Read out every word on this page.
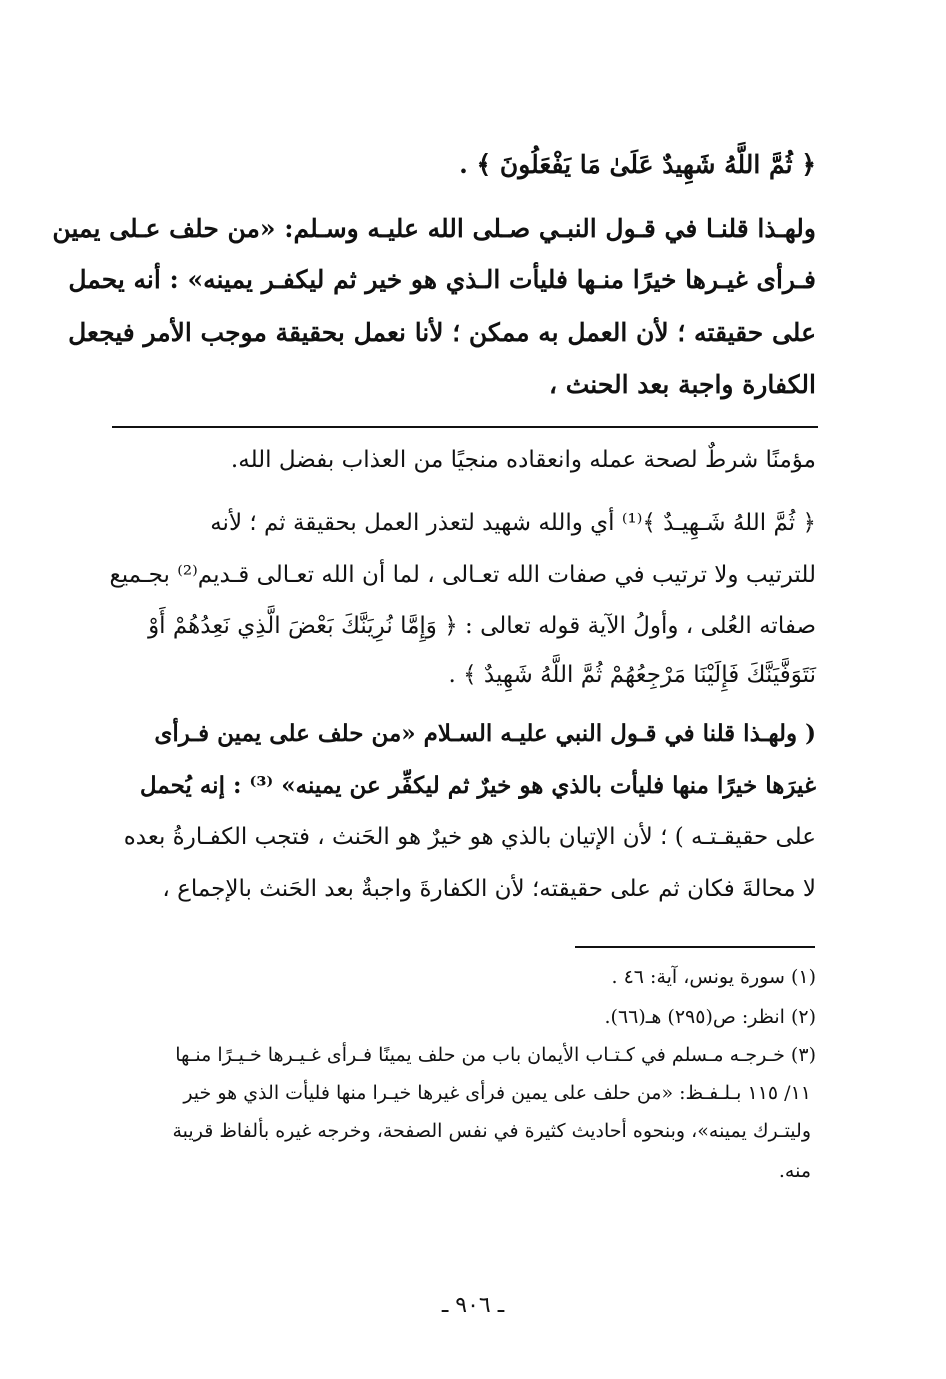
﴿ ثُمَّ اللَّهُ شَهِيدٌ عَلَىٰ مَا يَفْعَلُونَ ﴾ .
ولهـذا قلنـا في قـول النبـي صـلى الله عليـه وسـلم: «من حلف عـلى يمين
فـرأى غيـرها خيرًا منـها فليأت الـذي هو خير ثم ليكفـر يمينه» : أنه يحمل
على حقيقته ؛ لأن العمل به ممكن ؛ لأنا نعمل بحقيقة موجب الأمر فيجعل
الكفارة واجبة بعد الحنث ،
مؤمنًا شرطٌ لصحة عمله وانعقاده منجيًا من العذاب بفضل الله.
﴿ ثُمَّ اللهُ شَـهِيـدٌ ﴾⁽¹⁾ أي والله شهيد لتعذر العمل بحقيقة ثم ؛ لأنه
للترتيب ولا ترتيب في صفات الله تعـالى ، لما أن الله تعـالى قـديم⁽²⁾ بجـميع
صفاته العُلى ، وأولُ الآية قوله تعالى : ﴿ وَإِمَّا نُرِيَنَّكَ بَعْضَ الَّذِي نَعِدُهُمْ أَوْ
نَتَوَفَّيَنَّكَ فَإِلَيْنَا مَرْجِعُهُمْ ثُمَّ اللَّهُ شَهِيدٌ ﴾ .
( ولهـذا قلنا في قـول النبي عليـه السـلام «من حلف على يمين فـرأى
غيرَها خيرًا منها فليأت بالذي هو خيرٌ ثم ليكفِّر عن يمينه» ⁽³⁾ : إنه يُحمل
على حقيقـتـه ) ؛ لأن الإتيان بالذي هو خيرٌ هو الحَنث ، فتجب الكفـارةُ بعده
لا محالةَ فكان ثم على حقيقته؛ لأن الكفارةَ واجبةٌ بعد الحَنث بالإجماع ،
(١) سورة يونس، آية: ٤٦ .
(٢) انظر: ص(٢٩٥) هـ(٦٦).
(٣) خـرجـه مـسلم في كـتـاب الأيمان باب من حلف يمينًا فـرأى غـيـرها خـيـرًا منـها
١١/ ١١٥ بـلـفـظ: «من حلف على يمين فرأى غيرها خيـرا منها فليأت الذي هو خير
وليتـرك يمينه»، وبنحوه أحاديث كثيرة في نفس الصفحة، وخرجه غيره بألفاظ قريبة
منه.
ـ ٩٠٦ ـ
